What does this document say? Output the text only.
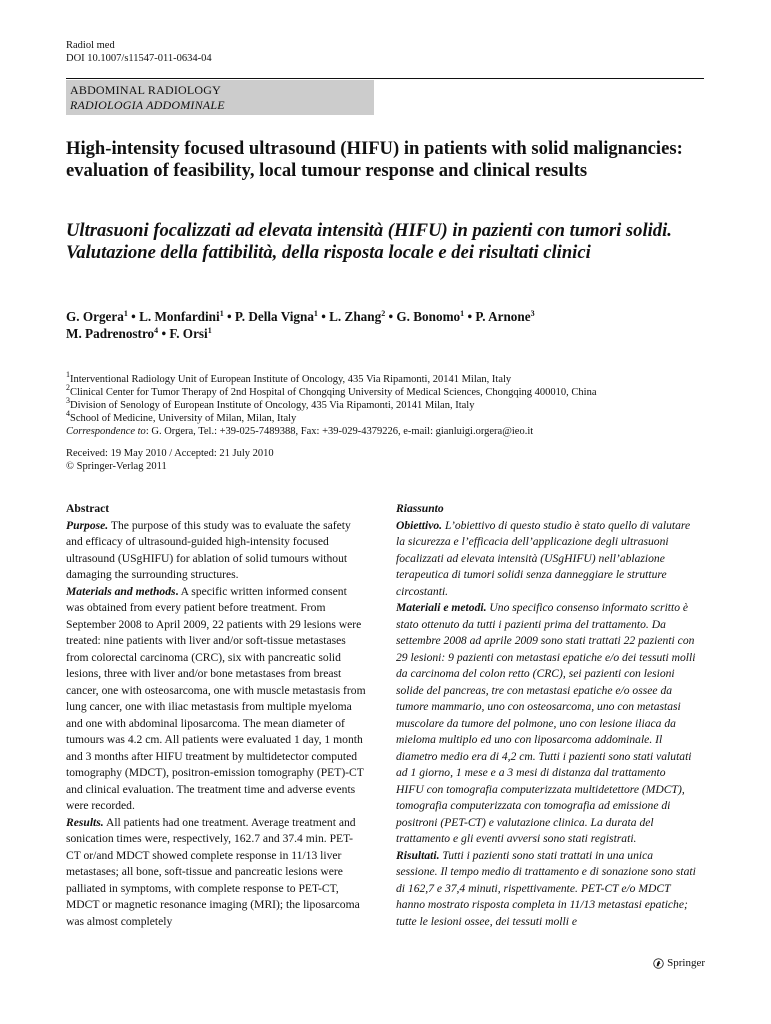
Radiol med
DOI 10.1007/s11547-011-0634-04
ABDOMINAL RADIOLOGY
RADIOLOGIA ADDOMINALE
High-intensity focused ultrasound (HIFU) in patients with solid malignancies: evaluation of feasibility, local tumour response and clinical results
Ultrasuoni focalizzati ad elevata intensità (HIFU) in pazienti con tumori solidi. Valutazione della fattibilità, della risposta locale e dei risultati clinici
G. Orgera$^1$ • L. Monfardini$^1$ • P. Della Vigna$^1$ • L. Zhang$^2$ • G. Bonomo$^1$ • P. Arnone$^3$
M. Padrenostro$^4$ • F. Orsi$^1$
$^1$Interventional Radiology Unit of European Institute of Oncology, 435 Via Ripamonti, 20141 Milan, Italy
$^2$Clinical Center for Tumor Therapy of 2nd Hospital of Chongqing University of Medical Sciences, Chongqing 400010, China
$^3$Division of Senology of European Institute of Oncology, 435 Via Ripamonti, 20141 Milan, Italy
$^4$School of Medicine, University of Milan, Milan, Italy
Correspondence to: G. Orgera, Tel.: +39-025-7489388, Fax: +39-029-4379226, e-mail: gianluigi.orgera@ieo.it
Received: 19 May 2010 / Accepted: 21 July 2010
© Springer-Verlag 2011
Abstract
Purpose. The purpose of this study was to evaluate the safety and efficacy of ultrasound-guided high-intensity focused ultrasound (USgHIFU) for ablation of solid tumours without damaging the surrounding structures.
Materials and methods. A specific written informed consent was obtained from every patient before treatment. From September 2008 to April 2009, 22 patients with 29 lesions were treated: nine patients with liver and/or soft-tissue metastases from colorectal carcinoma (CRC), six with pancreatic solid lesions, three with liver and/or bone metastases from breast cancer, one with osteosarcoma, one with muscle metastasis from lung cancer, one with iliac metastasis from multiple myeloma and one with abdominal liposarcoma. The mean diameter of tumours was 4.2 cm. All patients were evaluated 1 day, 1 month and 3 months after HIFU treatment by multidetector computed tomography (MDCT), positron-emission tomography (PET)-CT and clinical evaluation. The treatment time and adverse events were recorded.
Results. All patients had one treatment. Average treatment and sonication times were, respectively, 162.7 and 37.4 min. PET-CT or/and MDCT showed complete response in 11/13 liver metastases; all bone, soft-tissue and pancreatic lesions were palliated in symptoms, with complete response to PET-CT, MDCT or magnetic resonance imaging (MRI); the liposarcoma was almost completely
Riassunto
Obiettivo. L’obiettivo di questo studio è stato quello di valutare la sicurezza e l’efficacia dell’applicazione degli ultrasuoni focalizzati ad elevata intensità (USgHIFU) nell’ablazione terapeutica di tumori solidi senza danneggiare le strutture circostanti.
Materiali e metodi. Uno specifico consenso informato scritto è stato ottenuto da tutti i pazienti prima del trattamento. Da settembre 2008 ad aprile 2009 sono stati trattati 22 pazienti con 29 lesioni: 9 pazienti con metastasi epatiche e/o dei tessuti molli da carcinoma del colon retto (CRC), sei pazienti con lesioni solide del pancreas, tre con metastasi epatiche e/o ossee da tumore mammario, uno con osteosarcoma, uno con metastasi muscolare da tumore del polmone, uno con lesione iliaca da mieloma multiplo ed uno con liposarcoma addominale. Il diametro medio era di 4,2 cm. Tutti i pazienti sono stati valutati ad 1 giorno, 1 mese e a 3 mesi di distanza dal trattamento HIFU con tomografia computerizzata multidetettore (MDCT), tomografia computerizzata con tomografia ad emissione di positroni (PET-CT) e valutazione clinica. La durata del trattamento e gli eventi avversi sono stati registrati.
Risultati. Tutti i pazienti sono stati trattati in una unica sessione. Il tempo medio di trattamento e di sonazione sono stati di 162,7 e 37,4 minuti, rispettivamente. PET-CT e/o MDCT hanno mostrato risposta completa in 11/13 metastasi epatiche; tutte le lesioni ossee, dei tessuti molli e
Springer
